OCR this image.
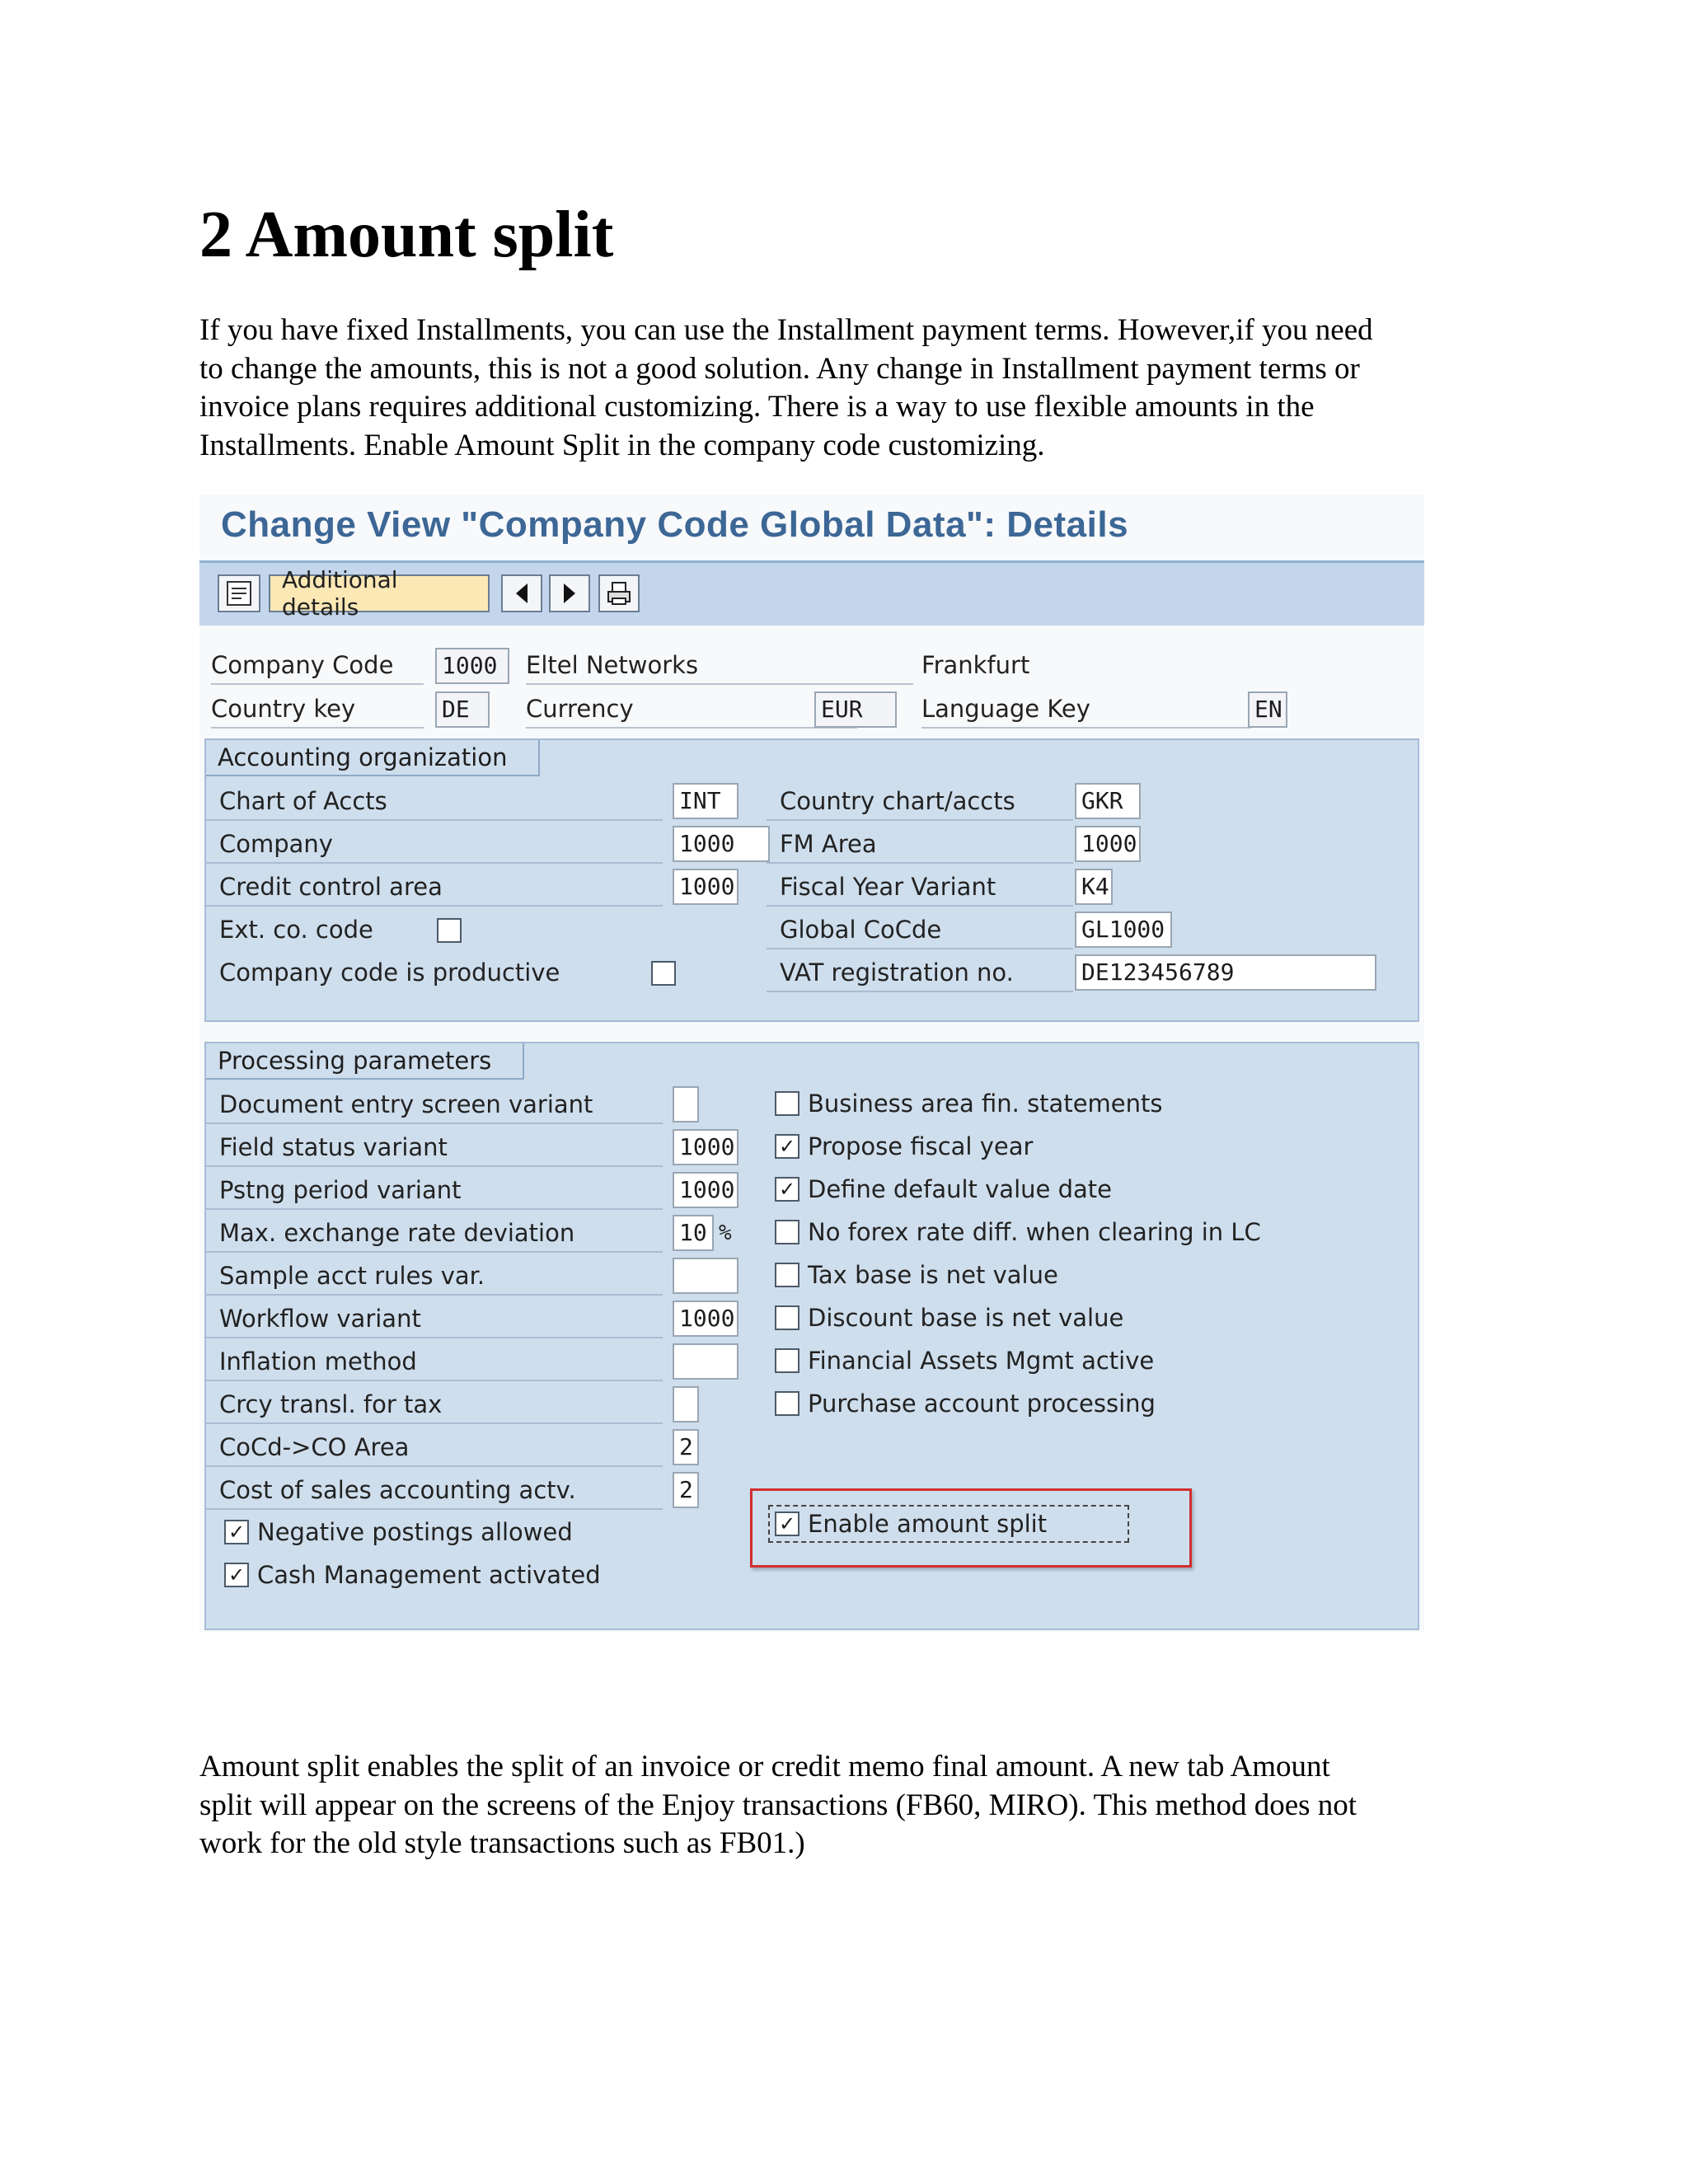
2 Amount split

If you have fixed Installments, you can use the Installment payment terms. However,if you need
to change the amounts, this is not a good solution. Any change in Installment payment terms or
invoice plans requires additional customizing. There is a way to use flexible amounts in the
Installments. Enable Amount Split in the company code customizing.

Change View "Company Code Global Data": Details
Additional details
Company Code	1000	Eltel Networks	Frankfurt
Country key	DE	Currency	EUR	Language Key	EN
Accounting organization
Chart of Accts	INT
Company	1000
Credit control area	1000
Ext. co. code
Company code is productive
Country chart/accts	GKR
FM Area	1000
Fiscal Year Variant	K4
Global CoCde	GL1000
VAT registration no.	DE123456789
Processing parameters
Document entry screen variant
Field status variant	1000
Pstng period variant	1000
Max. exchange rate deviation	10 %
Sample acct rules var.
Workflow variant	1000
Inflation method
Crcy transl. for tax
CoCd->CO Area	2
Cost of sales accounting actv.	2
✓ Negative postings allowed
✓ Cash Management activated
Business area fin. statements
✓ Propose fiscal year
✓ Define default value date
No forex rate diff. when clearing in LC
Tax base is net value
Discount base is net value
Financial Assets Mgmt active
Purchase account processing
✓ Enable amount split

Amount split enables the split of an invoice or credit memo final amount. A new tab Amount
split will appear on the screens of the Enjoy transactions (FB60, MIRO). This method does not
work for the old style transactions such as FB01.)
